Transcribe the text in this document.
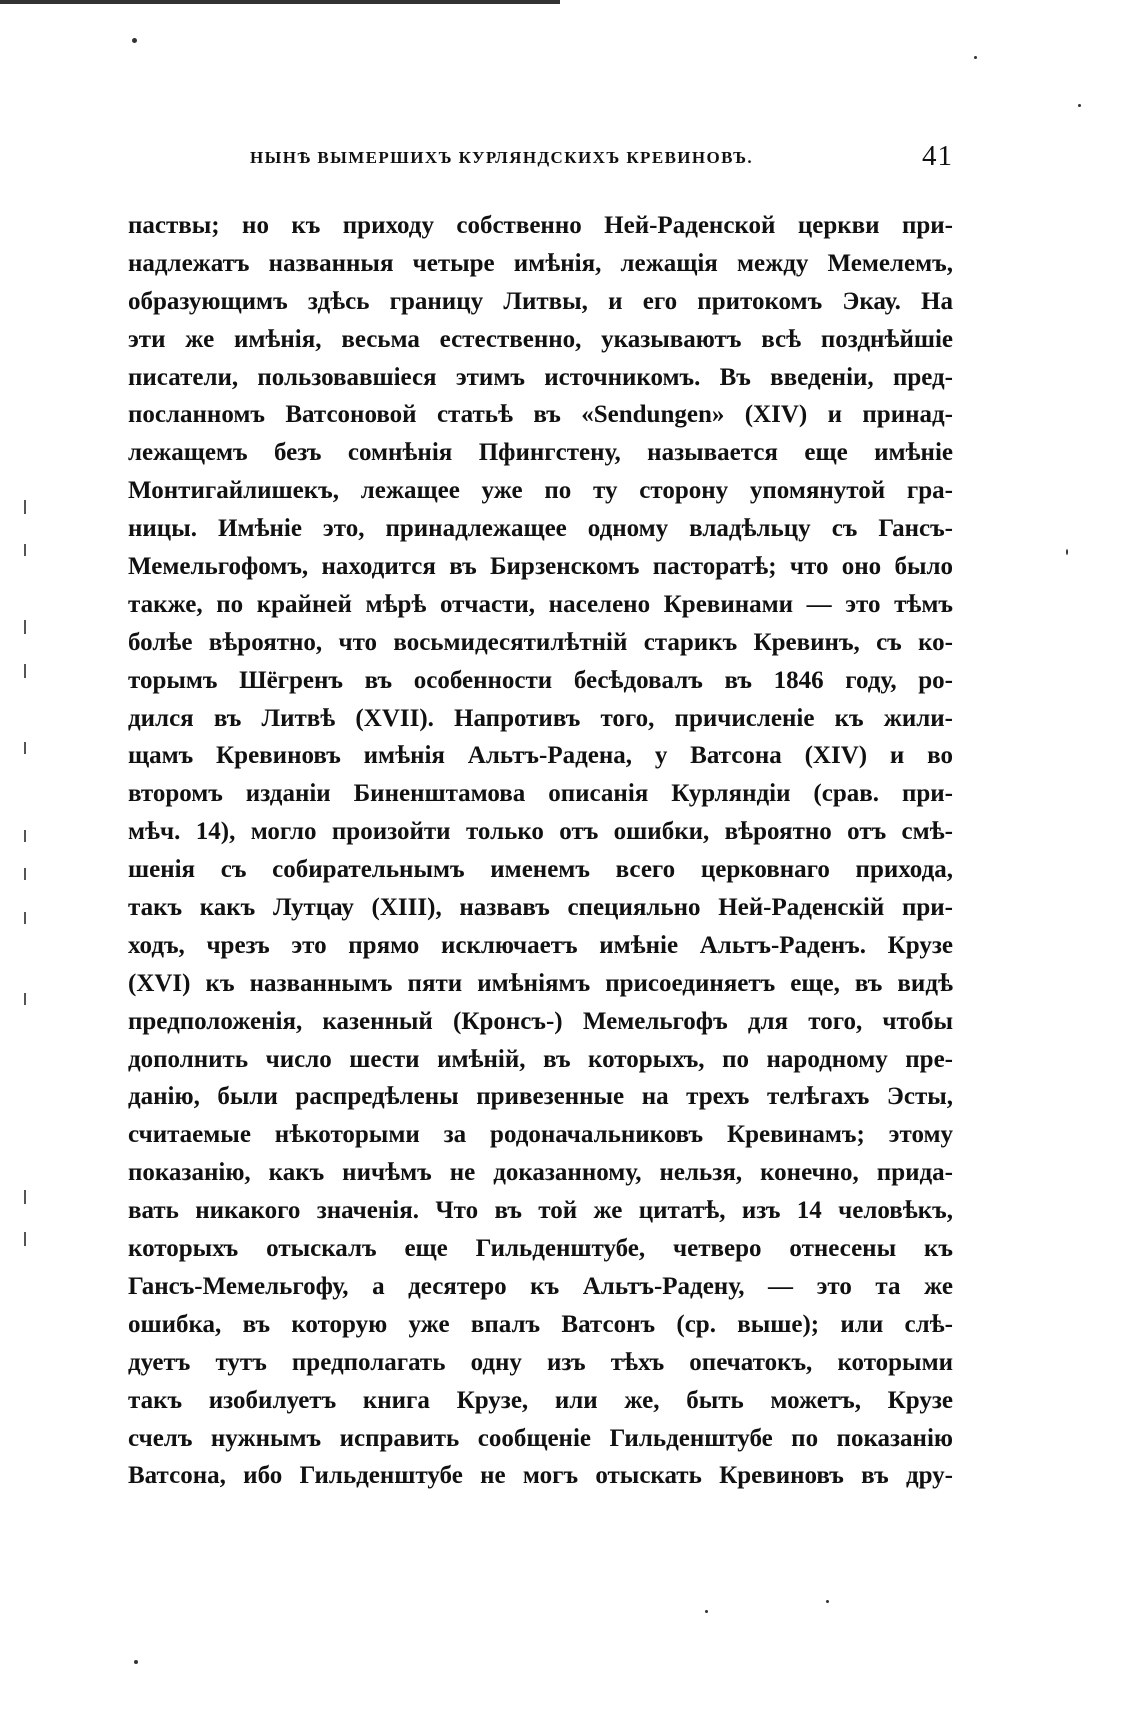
НЫНѢ ВЫМЕРШИХЪ КУРЛЯНДСКИХЪ КРЕВИНОВЪ.	41
паствы; но къ приходу собственно Ней-Раденской церкви при-
надлежатъ названныя четыре имѣнія, лежащія между Мемелемъ,
образующимъ здѣсь границу Литвы, и его притокомъ Экау. На
эти же имѣнія, весьма естественно, указываютъ всѣ позднѣйшіе
писатели, пользовавшіеся этимъ источникомъ. Въ введеніи, пред-
посланномъ Ватсоновой статьѣ въ «Sendungen» (XIV) и принад-
лежащемъ безъ сомнѣнія Пфингстену, называется еще имѣніе
Монтигайлишекъ, лежащее уже по ту сторону упомянутой гра-
ницы. Имѣніе это, принадлежащее одному владѣльцу съ Гансъ-
Мемельгофомъ, находится въ Бирзенскомъ пасторатѣ; что оно было
также, по крайней мѣрѣ отчасти, населено Кревинами — это тѣмъ
болѣе вѣроятно, что восьмидесятилѣтній старикъ Кревинъ, съ ко-
торымъ Шёгренъ въ особенности бесѣдовалъ въ 1846 году, ро-
дился въ Литвѣ (XVII). Напротивъ того, причисленіе къ жили-
щамъ Кревиновъ имѣнія Альтъ-Радена, у Ватсона (XIV) и во
второмъ изданіи Биненштамова описанія Курляндіи (срав. при-
мѣч. 14), могло произойти только отъ ошибки, вѣроятно отъ смѣ-
шенія съ собирательнымъ именемъ всего церковнаго прихода,
такъ какъ Лутцау (XIII), назвавъ специяльно Ней-Раденскій при-
ходъ, чрезъ это прямо исключаетъ имѣніе Альтъ-Раденъ. Крузе
(XVI) къ названнымъ пяти имѣніямъ присоединяетъ еще, въ видѣ
предположенія, казенный (Кронсъ-) Мемельгофъ для того, чтобы
дополнить число шести имѣній, въ которыхъ, по народному пре-
данію, были распредѣлены привезенные на трехъ телѣгахъ Эсты,
считаемые нѣкоторыми за родоначальниковъ Кревинамъ; этому
показанію, какъ ничѣмъ не доказанному, нельзя, конечно, прида-
вать никакого значенія. Что въ той же цитатѣ, изъ 14 человѣкъ,
которыхъ отыскалъ еще Гильденштубе, четверо отнесены къ
Гансъ-Мемельгофу, а десятеро къ Альтъ-Радену, — это та же
ошибка, въ которую уже впалъ Ватсонъ (ср. выше); или слѣ-
дуетъ тутъ предполагать одну изъ тѣхъ опечатокъ, которыми
такъ изобилуетъ книга Крузе, или же, быть можетъ, Крузе
счелъ нужнымъ исправить сообщеніе Гильденштубе по показанію
Ватсона, ибо Гильденштубе не могъ отыскать Кревиновъ въ дру-
